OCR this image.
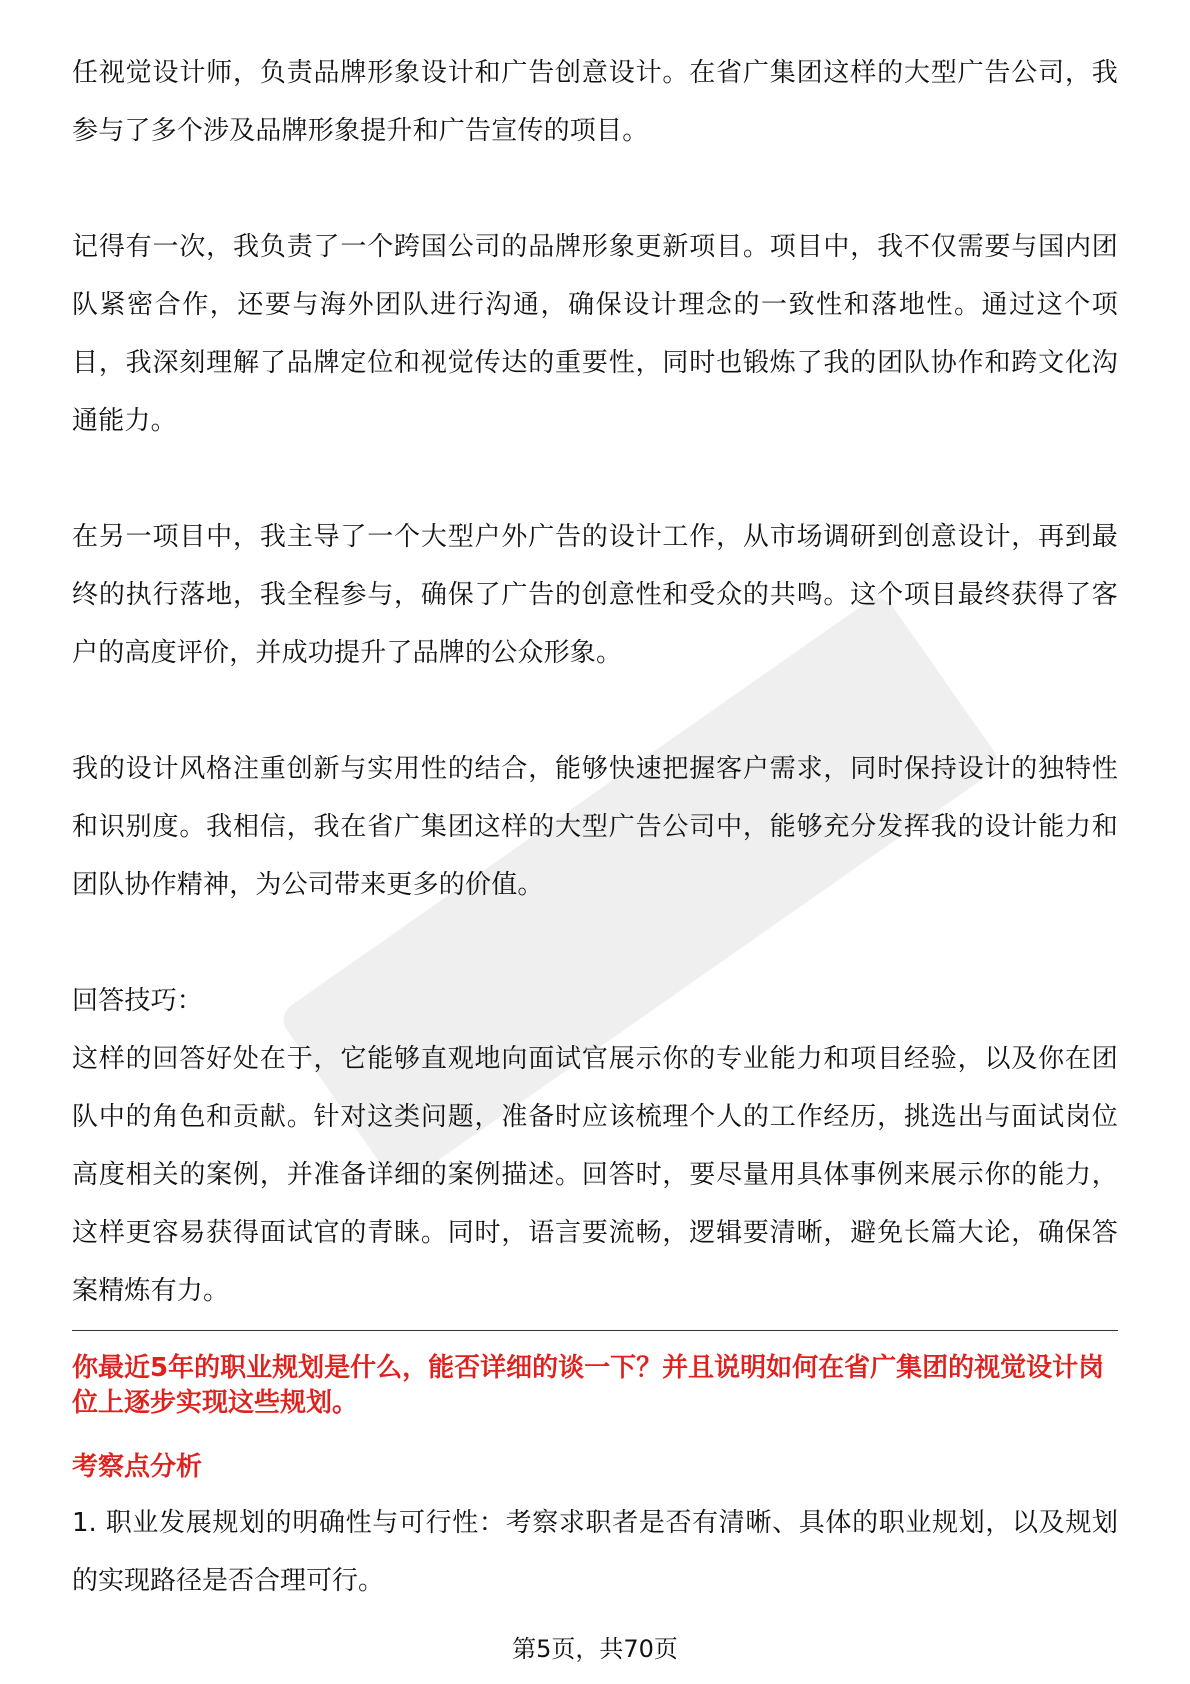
任视觉设计师，负责品牌形象设计和广告创意设计。在省广集团这样的大型广告公司，我参与了多个涉及品牌形象提升和广告宣传的项目。

记得有一次，我负责了一个跨国公司的品牌形象更新项目。项目中，我不仅需要与国内团队紧密合作，还要与海外团队进行沟通，确保设计理念的一致性和落地性。通过这个项目，我深刻理解了品牌定位和视觉传达的重要性，同时也锻炼了我的团队协作和跨文化沟通能力。

在另一项目中，我主导了一个大型户外广告的设计工作，从市场调研到创意设计，再到最终的执行落地，我全程参与，确保了广告的创意性和受众的共鸣。这个项目最终获得了客户的高度评价，并成功提升了品牌的公众形象。

我的设计风格注重创新与实用性的结合，能够快速把握客户需求，同时保持设计的独特性和识别度。我相信，我在省广集团这样的大型广告公司中，能够充分发挥我的设计能力和团队协作精神，为公司带来更多的价值。

回答技巧：

这样的回答好处在于，它能够直观地向面试官展示你的专业能力和项目经验，以及你在团队中的角色和贡献。针对这类问题，准备时应该梳理个人的工作经历，挑选出与面试岗位高度相关的案例，并准备详细的案例描述。回答时，要尽量用具体事例来展示你的能力，这样更容易获得面试官的青睐。同时，语言要流畅，逻辑要清晰，避免长篇大论，确保答案精炼有力。

你最近5年的职业规划是什么，能否详细的谈一下？并且说明如何在省广集团的视觉设计岗位上逐步实现这些规划。

考察点分析

1. 职业发展规划的明确性与可行性：考察求职者是否有清晰、具体的职业规划，以及规划的实现路径是否合理可行。

第5页，共70页
